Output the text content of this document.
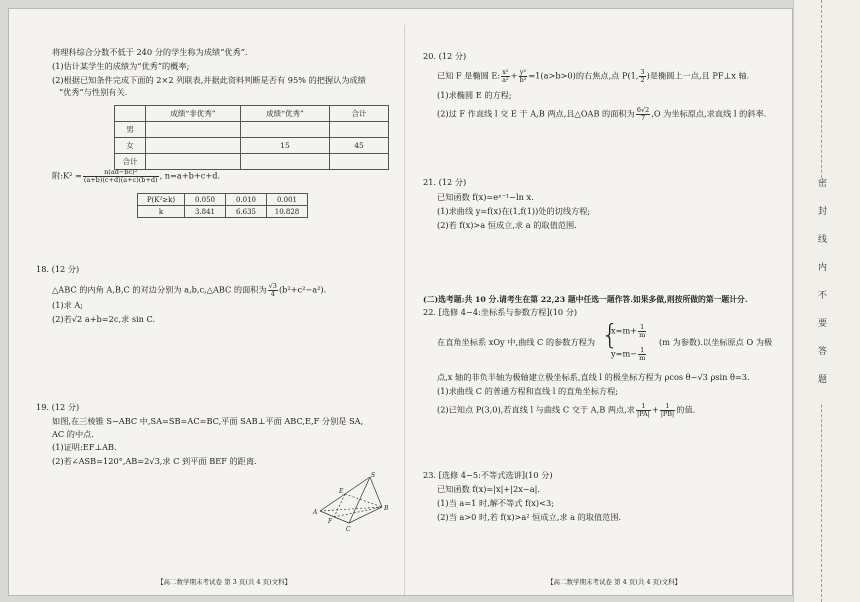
将理科综合分数不低于 240 分的学生称为成绩“优秀”.
(1)估计某学生的成绩为“优秀”的概率;
(2)根据已知条件完成下面的 2×2 列联表,并据此资料判断是否有 95% 的把握认为成绩
“优秀”与性别有关.
	成绩“非优秀”	成绩“优秀”	合计
男			
女		15	45
合计			
附:K² = $\frac{\text{n(ad−bc)²}}{(a+b)(c+d)(a+c)(b+d)}$ , n=a+b+c+d.
P(K²≥k)	0.050	0.010	0.001
k	3.841	6.635	10.828
18. (12 分)
△ABC 的内角 A,B,C 的对边分别为 a,b,c,△ABC 的面积为 $\frac{√3}{4} (b^2+c^2-a^2)$.
(1)求 A;
(2)若√2 a+b=2c,求 sin C.
19. (12 分)
如图,在三棱锥 S−ABC 中,SA=SB=AC=BC,平面 SAB⊥平面 ABC,E,F 分别是 SA,
AC 的中点.
(1)证明:EF⊥AB.
(2)若∠ASB=120°,AB=2√3,求 C 到平面 BEF 的距离.
S
E
A
B
F
C
【高二数学期末考试卷 第 3 页(共 4 页)文科】
20. (12 分)
已知 F 是椭圆 E: $\frac{\text{x²}}{\text{a²}} + \frac{\text{y²}}{\text{b²}} =1(a>b>0)$的右焦点,点 P(1, $\frac{3}{2}$ )是椭圆上一点,且 PF⊥x 轴.
(1)求椭圆 E 的方程;
(2)过 F 作直线 l 交 E 于 A,B 两点,且△OAB 的面积为 $\frac{6√2}{7} ,O$ 为坐标原点,求直线 l 的斜率.
21. (12 分)
已知函数 f(x)=eˣ⁻¹−ln x.
(1)求曲线 y=f(x)在(1,f(1))处的切线方程;
(2)若 f(x)>a 恒成立,求 a 的取值范围.
(二)选考题:共 10 分.请考生在第 22,23 题中任选一题作答.如果多做,则按所做的第一题计分.
22. [选修 4−4:坐标系与参数方程](10 分)
在直角坐标系 xOy 中,曲线 C 的参数方程为 {
$x=m+ \frac{1}{m}$
$y=m- \frac{1}{m}$
(m 为参数).以坐标原点 O 为极
点,x 轴的非负半轴为极轴建立极坐标系,直线 l 的极坐标方程为 ρcos θ−√3 ρsin θ=3.
(1)求曲线 C 的普通方程和直线 l 的直角坐标方程;
(2)已知点 P(3,0),若直线 l 与曲线 C 交于 A,B 两点,求 $\frac{1}{|PA|} + \frac{1}{|PB|}$ 的值.
23. [选修 4−5:不等式选讲](10 分)
已知函数 f(x)=|x|+|2x−a|.
(1)当 a=1 时,解不等式 f(x)<3;
(2)当 a>0 时,若 f(x)>a² 恒成立,求 a 的取值范围.
【高二数学期末考试卷 第 4 页(共 4 页)文科】
密封线内不要答题
